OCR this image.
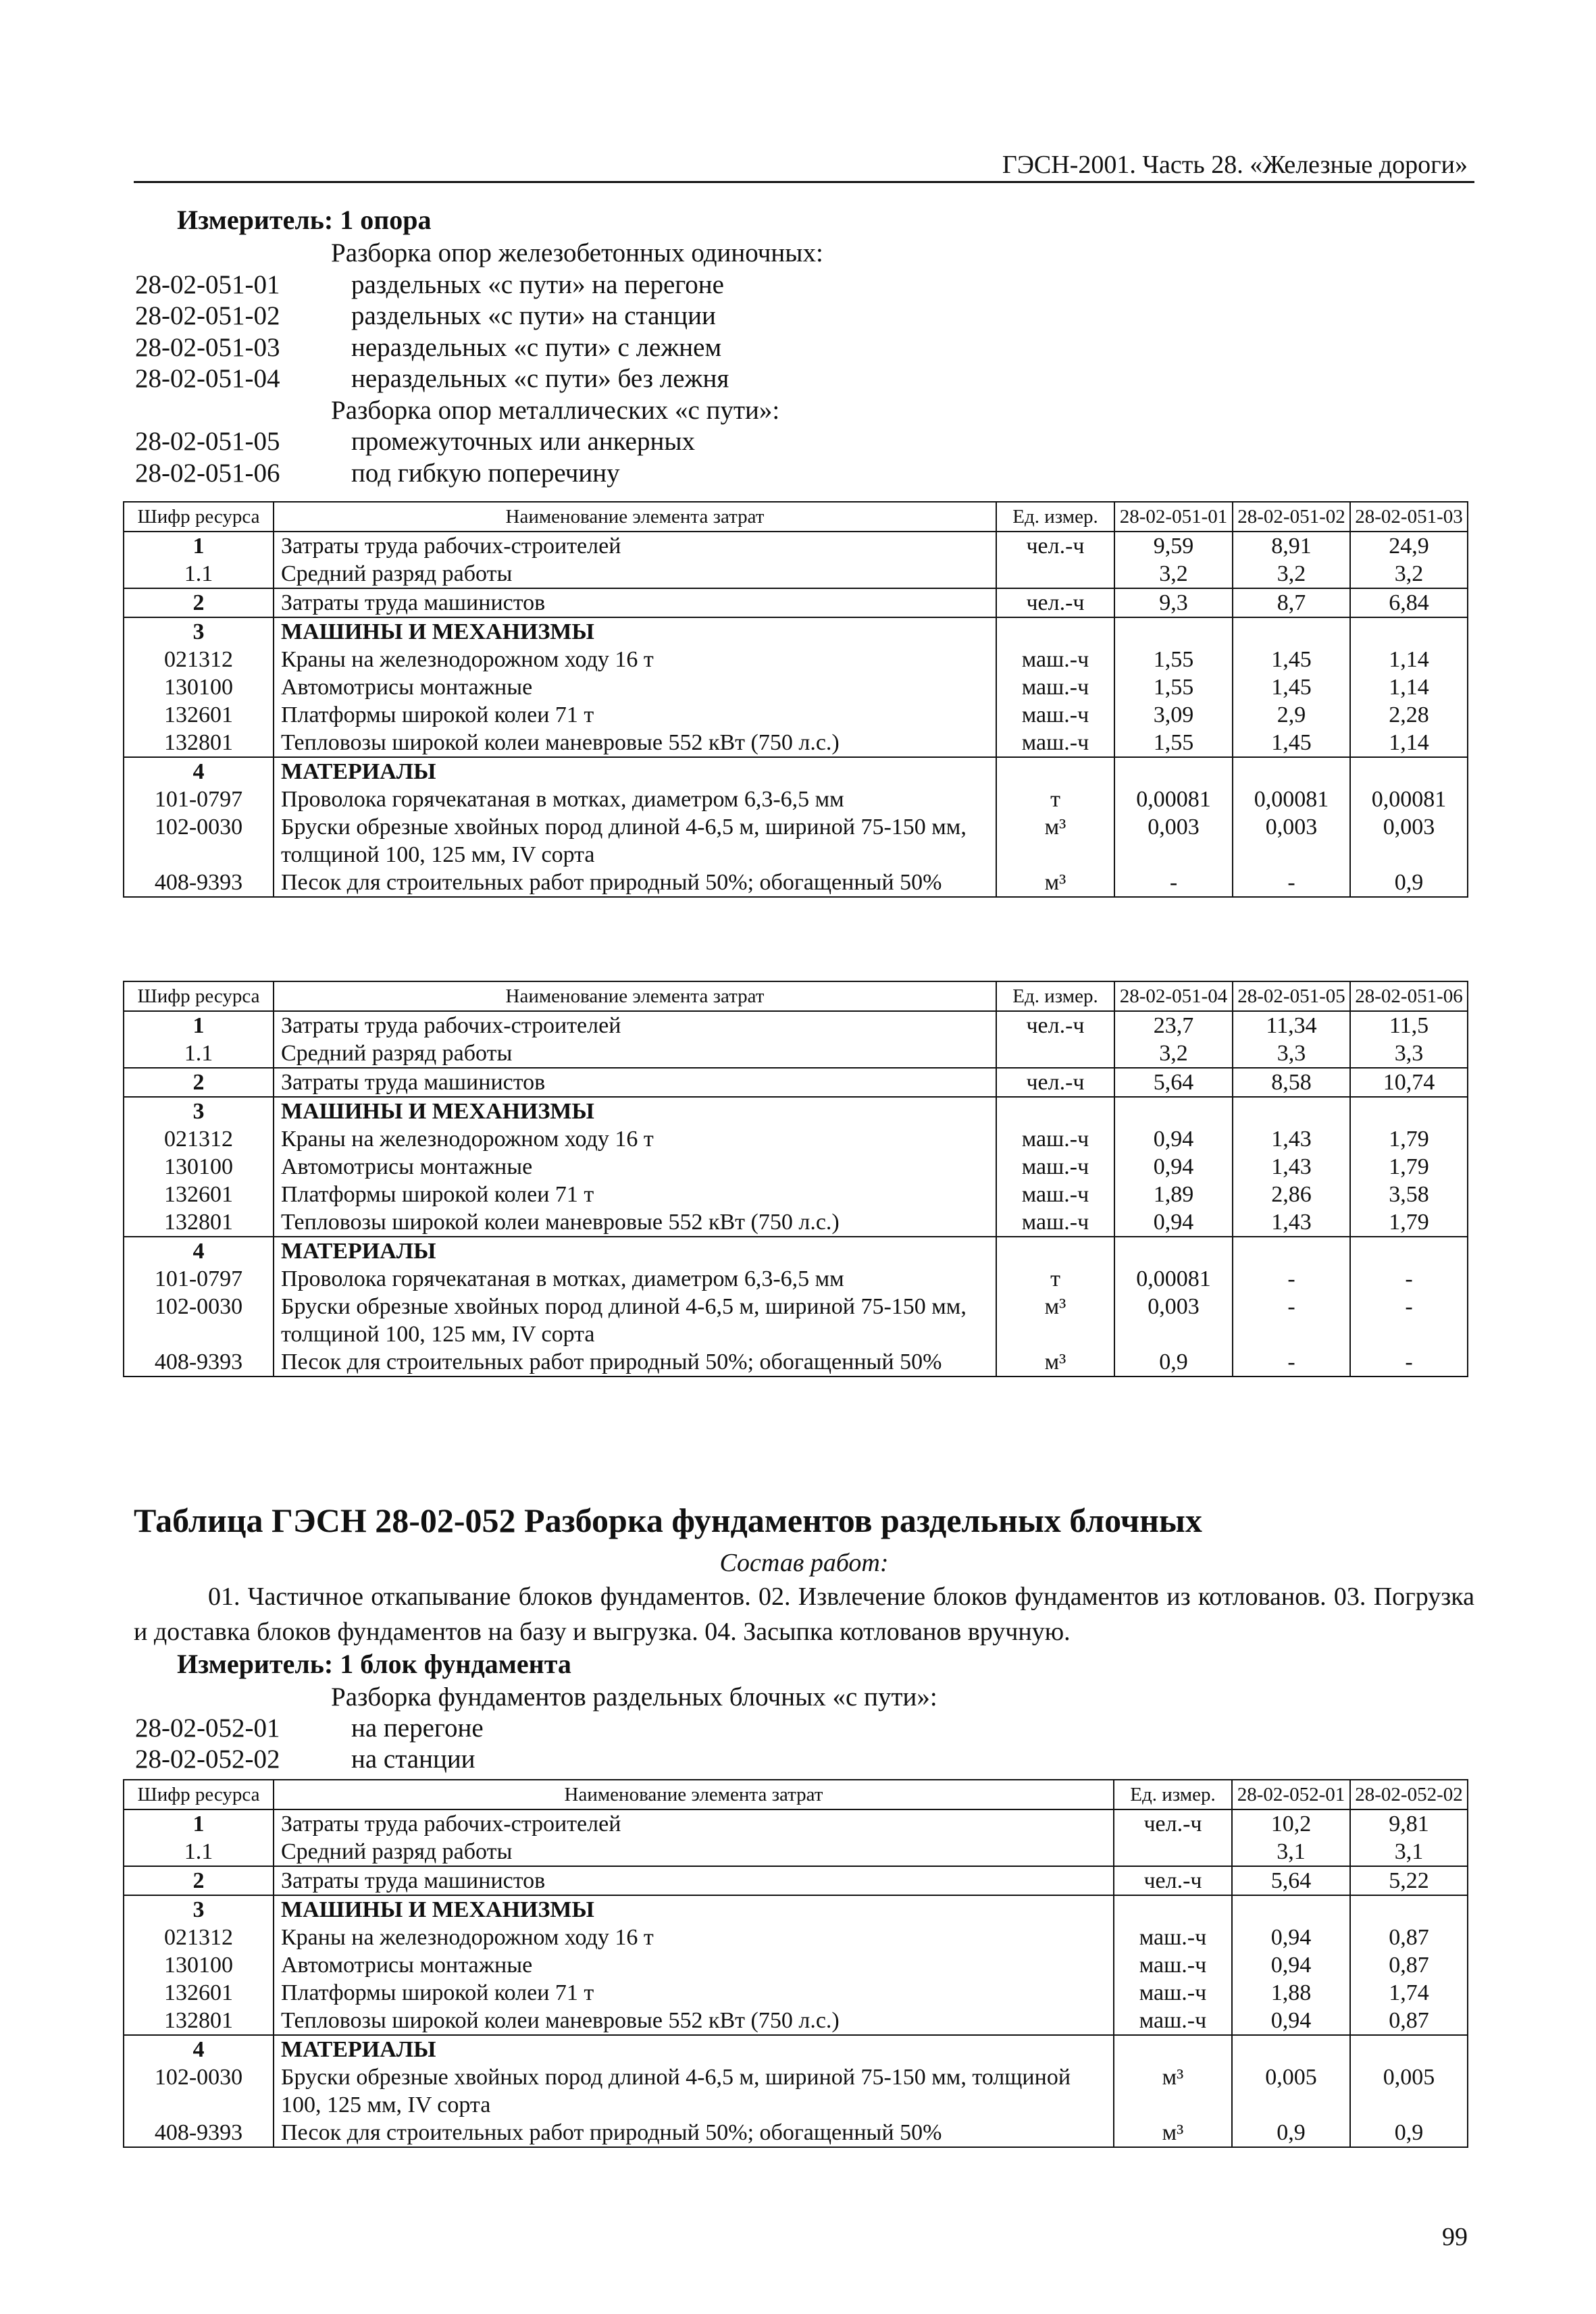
ГЭСН-2001. Часть 28. «Железные дороги»
Измеритель: 1 опора
Разборка опор железобетонных одиночных:
28-02-051-01	раздельных «с пути» на перегоне
28-02-051-02	раздельных «с пути» на станции
28-02-051-03	нераздельных «с пути» с лежнем
28-02-051-04	нераздельных «с пути» без лежня
Разборка опор металлических «с пути»:
28-02-051-05	промежуточных или анкерных
28-02-051-06	под гибкую поперечину
Шифр ресурса	Наименование элемента затрат	Ед. измер.	28-02-051-01	28-02-051-02	28-02-051-03
1	Затраты труда рабочих-строителей	чел.-ч	9,59	8,91	24,9
1.1	Средний разряд работы		3,2	3,2	3,2
2	Затраты труда машинистов	чел.-ч	9,3	8,7	6,84
3	МАШИНЫ И МЕХАНИЗМЫ				
021312	Краны на железнодорожном ходу 16 т	маш.-ч	1,55	1,45	1,14
130100	Автомотрисы монтажные	маш.-ч	1,55	1,45	1,14
132601	Платформы широкой колеи 71 т	маш.-ч	3,09	2,9	2,28
132801	Тепловозы широкой колеи маневровые 552 кВт (750 л.с.)	маш.-ч	1,55	1,45	1,14
4	МАТЕРИАЛЫ				
101-0797	Проволока горячекатаная в мотках, диаметром 6,3-6,5 мм	т	0,00081	0,00081	0,00081
102-0030	Бруски обрезные хвойных пород длиной 4-6,5 м, шириной 75-150 мм, толщиной 100, 125 мм, IV сорта	м³	0,003	0,003	0,003
408-9393	Песок для строительных работ природный 50%; обогащенный 50%	м³	-	-	0,9
Шифр ресурса	Наименование элемента затрат	Ед. измер.	28-02-051-04	28-02-051-05	28-02-051-06
1	Затраты труда рабочих-строителей	чел.-ч	23,7	11,34	11,5
1.1	Средний разряд работы		3,2	3,3	3,3
2	Затраты труда машинистов	чел.-ч	5,64	8,58	10,74
3	МАШИНЫ И МЕХАНИЗМЫ				
021312	Краны на железнодорожном ходу 16 т	маш.-ч	0,94	1,43	1,79
130100	Автомотрисы монтажные	маш.-ч	0,94	1,43	1,79
132601	Платформы широкой колеи 71 т	маш.-ч	1,89	2,86	3,58
132801	Тепловозы широкой колеи маневровые 552 кВт (750 л.с.)	маш.-ч	0,94	1,43	1,79
4	МАТЕРИАЛЫ				
101-0797	Проволока горячекатаная в мотках, диаметром 6,3-6,5 мм	т	0,00081	-	-
102-0030	Бруски обрезные хвойных пород длиной 4-6,5 м, шириной 75-150 мм, толщиной 100, 125 мм, IV сорта	м³	0,003	-	-
408-9393	Песок для строительных работ природный 50%; обогащенный 50%	м³	0,9	-	-
Таблица ГЭСН 28-02-052 Разборка фундаментов раздельных блочных
Состав работ:
01. Частичное откапывание блоков фундаментов. 02. Извлечение блоков фундаментов из котлованов. 03. Погрузка и доставка блоков фундаментов на базу и выгрузка. 04. Засыпка котлованов вручную.
Измеритель: 1 блок фундамента
Разборка фундаментов раздельных блочных «с пути»:
28-02-052-01	на перегоне
28-02-052-02	на станции
Шифр ресурса	Наименование элемента затрат	Ед. измер.	28-02-052-01	28-02-052-02
1	Затраты труда рабочих-строителей	чел.-ч	10,2	9,81
1.1	Средний разряд работы		3,1	3,1
2	Затраты труда машинистов	чел.-ч	5,64	5,22
3	МАШИНЫ И МЕХАНИЗМЫ			
021312	Краны на железнодорожном ходу 16 т	маш.-ч	0,94	0,87
130100	Автомотрисы монтажные	маш.-ч	0,94	0,87
132601	Платформы широкой колеи 71 т	маш.-ч	1,88	1,74
132801	Тепловозы широкой колеи маневровые 552 кВт (750 л.с.)	маш.-ч	0,94	0,87
4	МАТЕРИАЛЫ			
102-0030	Бруски обрезные хвойных пород длиной 4-6,5 м, шириной 75-150 мм, толщиной 100, 125 мм, IV сорта	м³	0,005	0,005
408-9393	Песок для строительных работ природный 50%; обогащенный 50%	м³	0,9	0,9
99
